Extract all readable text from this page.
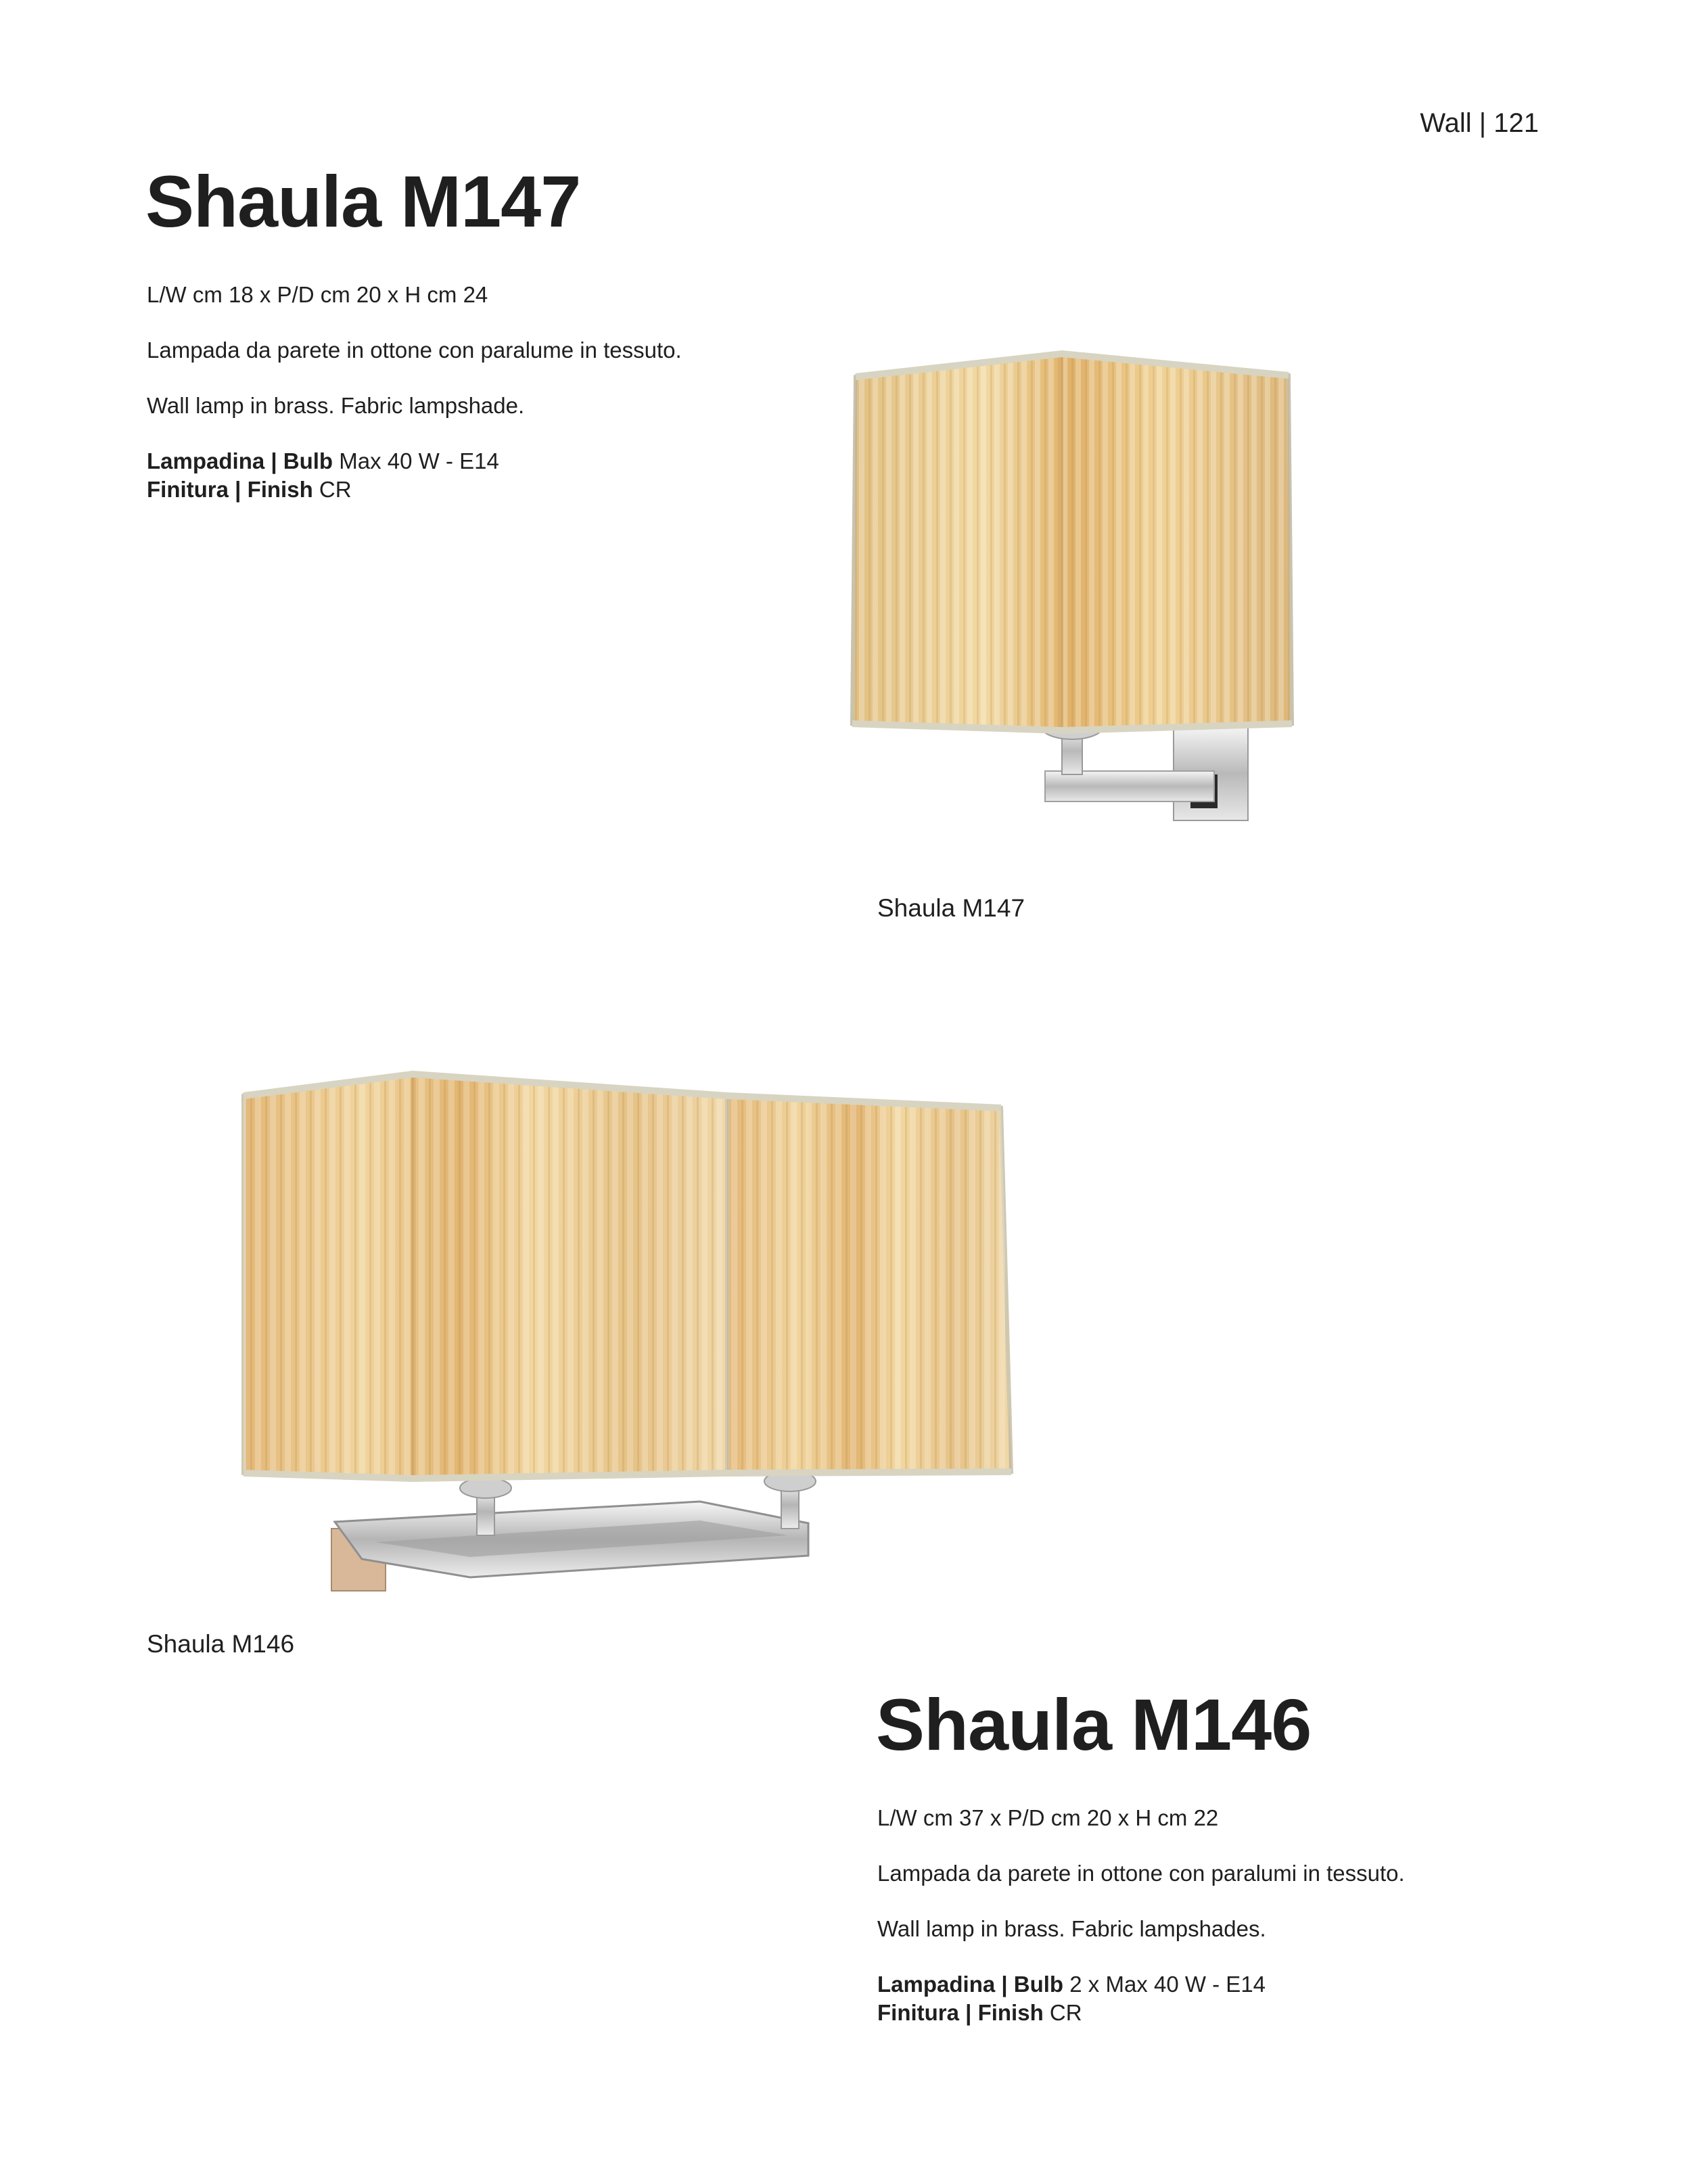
Wall | 121
Shaula M147
L/W cm 18 x P/D cm 20 x H cm 24
Lampada da parete in ottone con paralume in tessuto.
Wall lamp in brass. Fabric lampshade.
Lampadina | Bulb Max 40 W - E14
Finitura | Finish CR
Shaula M147
Shaula M146
Shaula M146
L/W cm 37 x P/D cm 20 x H cm 22
Lampada da parete in ottone con paralumi in tessuto.
Wall lamp in brass. Fabric lampshades.
Lampadina | Bulb 2 x Max 40 W - E14
Finitura | Finish CR
